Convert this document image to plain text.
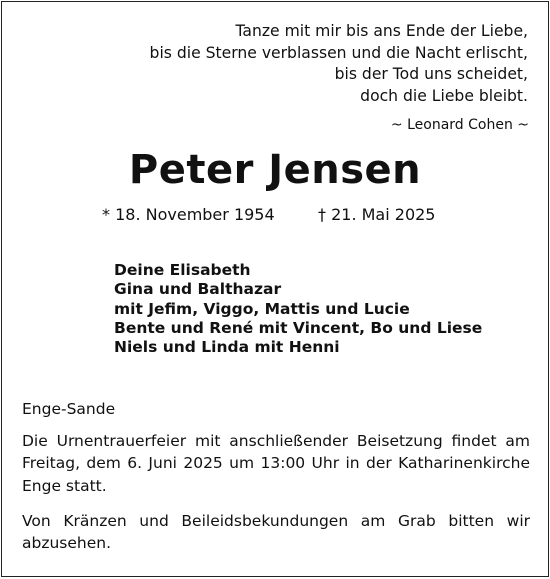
Tanze mit mir bis ans Ende der Liebe,
bis die Sterne verblassen und die Nacht erlischt,
bis der Tod uns scheidet,
doch die Liebe bleibt.
~ Leonard Cohen ~
Peter Jensen
* 18. November 1954	† 21. Mai 2025
Deine Elisabeth
Gina und Balthazar
mit Jefim, Viggo, Mattis und Lucie
Bente und René mit Vincent, Bo und Liese
Niels und Linda mit Henni
Enge-Sande
Die Urnentrauerfeier mit anschließender Beisetzung findet am Freitag, dem 6. Juni 2025 um 13:00 Uhr in der Katharinenkirche Enge statt.
Von Kränzen und Beileidsbekundungen am Grab bitten wir abzusehen.
